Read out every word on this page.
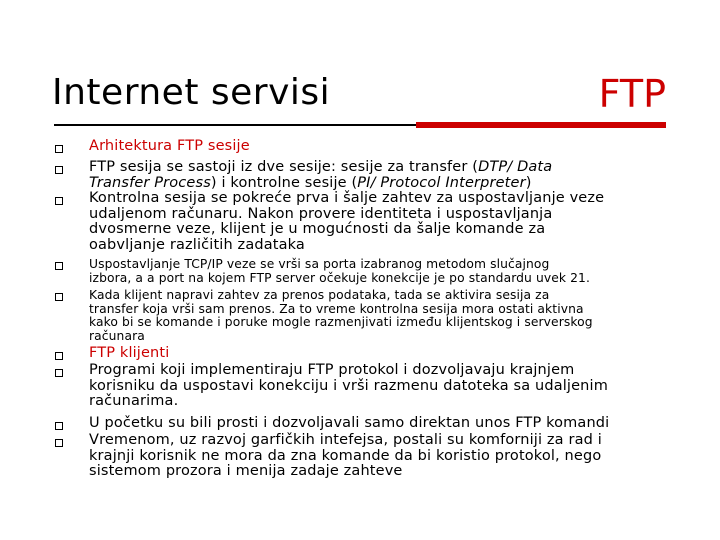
Internet servisi	FTP

Arhitektura FTP sesije

FTP sesija se sastoji iz dve sesije: sesije za transfer (DTP/ Data
Transfer Process) i kontrolne sesije (PI/ Protocol Interpreter)

Kontrolna sesija se pokreće prva i šalje zahtev za uspostavljanje veze
udaljenom računaru. Nakon provere identiteta i uspostavljanja
dvosmerne veze, klijent je u mogućnosti da šalje komande za
oabvljanje različitih zadataka

Uspostavljanje TCP/IP veze se vrši sa porta izabranog metodom slučajnog
izbora, a a port na kojem FTP server očekuje konekcije je po standardu uvek 21.

Kada klijent napravi zahtev za prenos podataka, tada se aktivira sesija za
transfer koja vrši sam prenos. Za to vreme kontrolna sesija mora ostati aktivna
kako bi se komande i poruke mogle razmenjivati između klijentskog i serverskog
računara

FTP klijenti

Programi koji implementiraju FTP protokol i dozvoljavaju krajnjem
korisniku da uspostavi konekciju i vrši razmenu datoteka sa udaljenim
računarima.

U početku su bili prosti i dozvoljavali samo direktan unos FTP komandi

Vremenom, uz razvoj garfičkih intefejsa, postali su komforniji za rad i
krajnji korisnik ne mora da zna komande da bi koristio protokol, nego
sistemom prozora i menija zadaje zahteve
